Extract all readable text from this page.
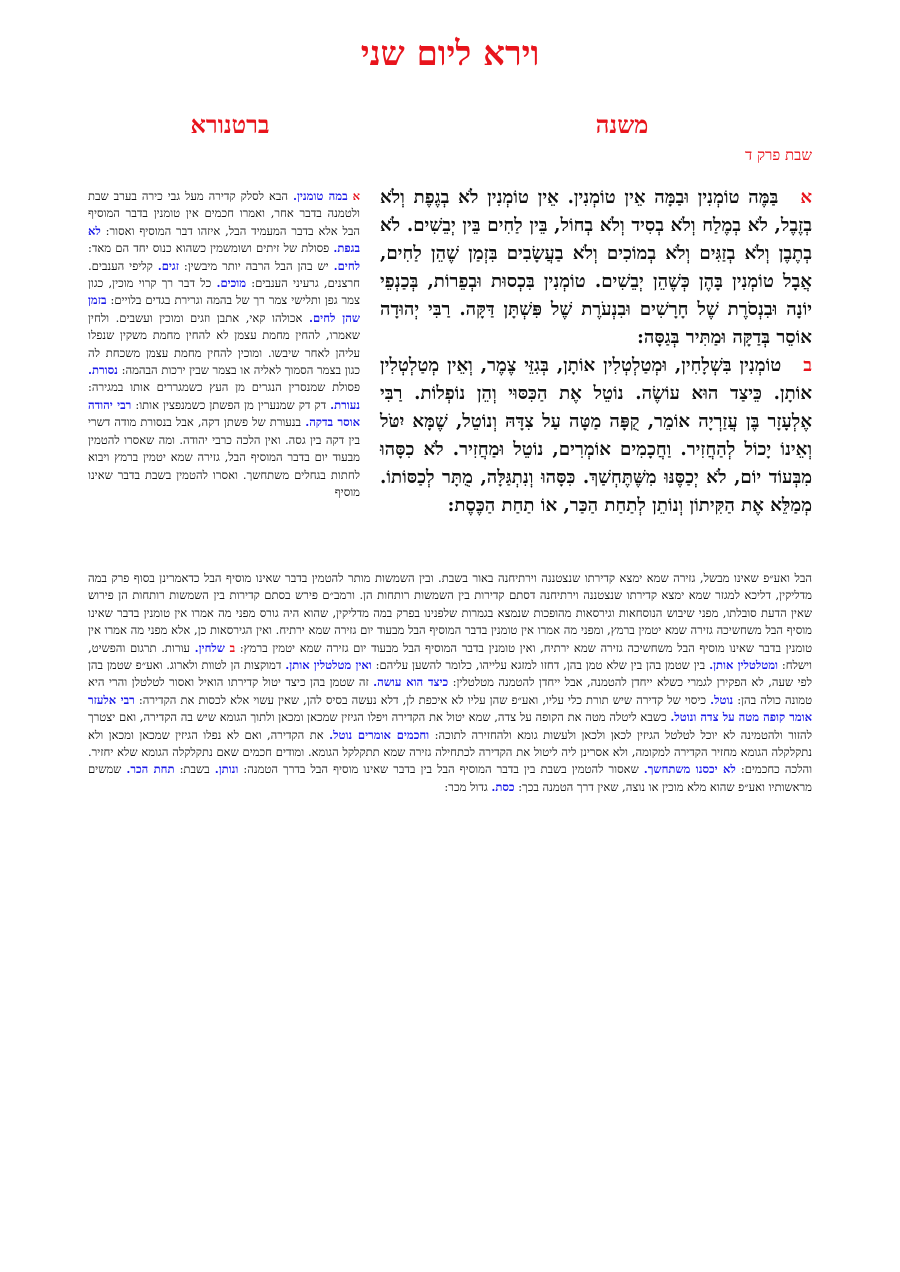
וירא ליום שני
משנה
ברטנורא
שבת פרק ד

אבַּמֶּה טוֹמְנִין וּבַמָּה אֵין טוֹמְנִין. אֵין טוֹמְנִין לֹא בְגֶפֶת וְלֹא בְזֶבֶל, לֹא בְמֶלַח וְלֹא בְסִיד וְלֹא בְחוֹל, בֵּין לַחִים בֵּין יְבֵשִׁים. לֹא בְתֶבֶן וְלֹא בְזַגִּים וְלֹא בְמוֹכִים וְלֹא בַעֲשָׂבִים בִּזְמַן שֶׁהֵן לַחִים, אֲבָל טוֹמְנִין בָּהֶן כְּשֶׁהֵן יְבֵשִׁים. טוֹמְנִין בִּכְסוּת וּבְפֵרוֹת, בְּכַנְפֵי יוֹנָה וּבִנְסֹרֶת שֶׁל חָרָשִׁים וּבִנְעֹרֶת שֶׁל פִּשְׁתָּן דַּקָּה. רַבִּי יְהוּדָה אוֹסֵר בְּדַקָּה וּמַתִּיר בְּגַסָּה:

בטוֹמְנִין בִּשְׁלָחִין, וּמְטַלְטְלִין אוֹתָן, בְּגִזֵּי צֶמֶר, וְאֵין מְטַלְטְלִין אוֹתָן. כֵּיצַד הוּא עוֹשֶׂה. נוֹטֵל אֶת הַכִּסּוּי וְהֵן נוֹפְלוֹת. רַבִּי אֶלְעָזָר בֶּן עֲזַרְיָה אוֹמֵר, קֻפָּה מַטָּה עַל צִדָּהּ וְנוֹטֵל, שֶׁמָּא יִטֹּל וְאֵינוֹ יָכוֹל לְהַחֲזִיר. וַחֲכָמִים אוֹמְרִים, נוֹטֵל וּמַחֲזִיר. לֹא כִסָּהוּ מִבְּעוֹד יוֹם, לֹא יְכַסֶּנּוּ מִשֶּׁתֶּחְשַׁךְ. כִּסָּהוּ וְנִתְגַּלָּה, מֻתָּר לְכַסּוֹתוֹ. מְמַלֵּא אֶת הַקִּיתוֹן וְנוֹתֵן לְתַחַת הַכַּר, אוֹ תַחַת הַכֶּסֶת:

א במה טומנין. הבא לסלק קדירה מעל גבי כירה בערב שבת ולטמנה בדבר אחר, ואמרו חכמים אין טומנין בדבר המוסיף הבל אלא בדבר המעמיד הבל, איזהו דבר המוסיף ואסור: לא בגפת. פסולת של זיתים ושומשמין כשהוא כנוס יחד הם מאד: לחים. יש בהן הבל הרבה יותר מיבשין: זגים. קליפי הענבים. חרצנים, גרעיני הענבים: מוכים. כל דבר רך קרוי מוכין, כגון צמר גפן ותלישי צמר רך של בהמה וגרירת בגדים בלויים: בזמן שהן לחים. אכולהו קאי, אתבן וזגים ומוכין ועשבים. ולחין שאמרו, להחין מחמת עצמן לא להחין מחמת משקין שנפלו עליהן לאחר שיבשו. ומוכין להחין מחמת עצמן משכחת לה כגון בצמר הסמוך לאליה או בצמר שבין ירכות הבהמה: נסורת. פסולת שמנסרין הנגרים מן העץ כשמגררים אותו במגירה: נעורת. דק דק שמנערין מן הפשתן כשמנפצין אותו: רבי יהודה אוסר בדקה. בנעורת של פשתן דקה, אבל בנסורת מודה דשרי בין דקה בין גסה. ואין הלכה כרבי יהודה. ומה שאסרו להטמין מבעוד יום בדבר המוסיף הבל, גזירה שמא יטמין ברמץ ויבוא לחתות בגחלים משתחשך. ואסרו להטמין בשבת בדבר שאינו מוסיף
הבל ואע״פ שאינו מבשל, גזירה שמא ימצא קדירתו שנצטננה וירתיחנה באור בשבת. ובין השמשות מותר להטמין בדבר שאינו מוסיף הבל כדאמרינן בסוף פרק במה מדליקין, דליכא למגזר שמא ימצא קדירתו שנצטננה וירתיחנה דסתם קדירות בין השמשות רותחות הן. ורמב״ם פירש בסתם קדירות בין השמשות רותחות הן פירוש שאין הדעת סובלתו, מפני שיבוש הנוסחאות וגירסאות מהופכות שנמצא בגמרות שלפנינו בפרק במה מדליקין, שהוא היה גורס מפני מה אמרו אין טומנין בדבר שאינו מוסיף הבל משחשיכה גזירה שמא יטמין ברמץ, ומפני מה אמרו אין טומנין בדבר המוסיף הבל מבעוד יום גזירה שמא ירתיח. ואין הגירסאות כן, אלא מפני מה אמרו אין טומנין בדבר שאינו מוסיף הבל משחשיכה גזירה שמא ירתיח, ואין טומנין בדבר המוסיף הבל מבעוד יום גזירה שמא יטמין ברמץ: ב שלחין. עורות. תרגום והפשיט, וישלח: ומטלטלין אותן. בין שטמן בהן בין שלא טמן בהן, דחזו למזגא עלייהו, כלומר להשען עליהם: ואין מטלטלין אותן. דמוקצות הן לטוות ולארוג. ואע״פ שטמן בהן לפי שעה, לא הפקירן לגמרי כשלא ייחדן להטמנה, אבל ייחדן להטמנה מטלטלין: כיצד הוא עושה. זה שטמן בהן כיצד יטול קדירתו הואיל ואסור לטלטלן והרי היא טמונה כולה בהן: נוטל. כיסוי של קדירה שיש תורת כלי עליו, ואע״פ שהן עליו לא איכפת לן, דלא נעשה בסיס להן, שאין עשוי אלא לכסות את הקדירה: רבי אלעזר אומר קופה מטה על צדה ונוטל. כשבא ליטלה מטה את הקופה על צדה, שמא יטול את הקדירה ויפלו הגיזין שמכאן ומכאן ולתוך הגומא שיש בה הקדירה, ואם יצטרך להזור ולהטמינה לא יוכל לטלטל הגיזין לכאן ולכאן ולעשות גומא ולהחזירה לתוכה: וחכמים אומרים נוטל. את הקדירה, ואם לא נפלו הגיזין שמכאן ומכאן ולא נתקלקלה הגומא מחזיר הקדירה למקומה, ולא אסרינן ליה ליטול את הקדירה לכתחילה גזירה שמא תתקלקל הגומא. ומודים חכמים שאם נתקלקלה הגומא שלא יחזיר. והלכה כחכמים: לא יכסנו משתחשך. שאסור להטמין בשבת בין בדבר המוסיף הבל בין בדבר שאינו מוסיף הבל בדרך הטמנה: ונותן. בשבת: תחת הכר. שמשים מראשותיו ואע״פ שהוא מלא מוכין או נוצה, שאין דרך הטמנה בכך: כסת. גדול מכר:
